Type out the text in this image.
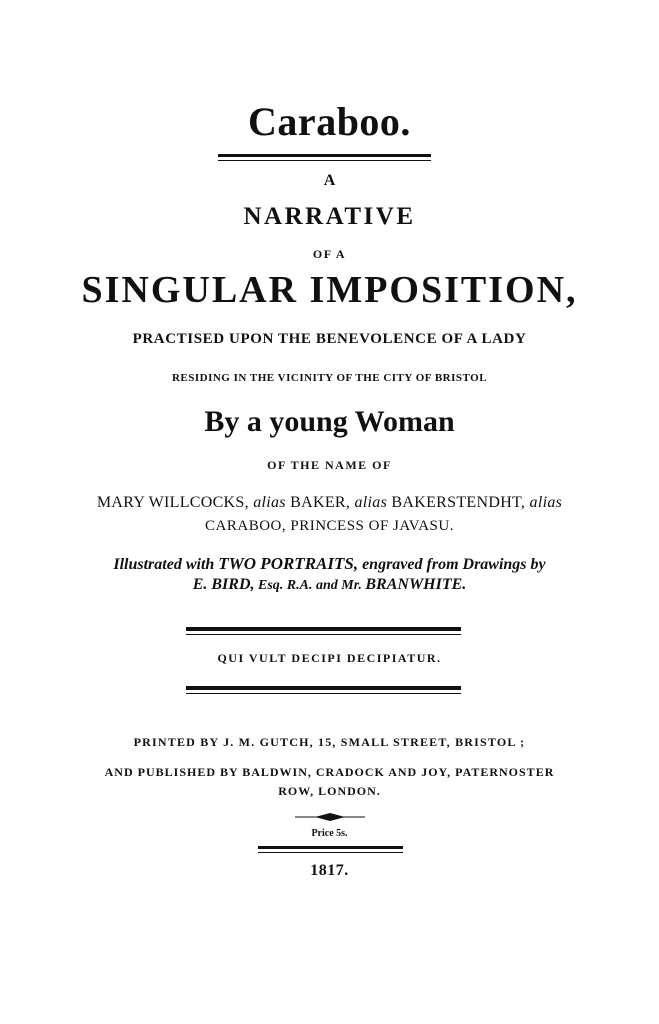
Caraboo.
A
NARRATIVE
OF A
SINGULAR IMPOSITION,
PRACTISED UPON THE BENEVOLENCE OF A LADY
RESIDING IN THE VICINITY OF THE CITY OF BRISTOL
By a young Woman
OF THE NAME OF
MARY WILLCOCKS, alias BAKER, alias BAKERSTENDHT, alias
CARABOO, PRINCESS OF JAVASU.
Illustrated with TWO PORTRAITS, engraved from Drawings by
E. BIRD, Esq. R.A. and Mr. BRANWHITE.
QUI VULT DECIPI DECIPIATUR.
PRINTED BY J. M. GUTCH, 15, SMALL STREET, BRISTOL ;
AND PUBLISHED BY BALDWIN, CRADOCK AND JOY, PATERNOSTER
ROW, LONDON.
Price 5s.
1817.
